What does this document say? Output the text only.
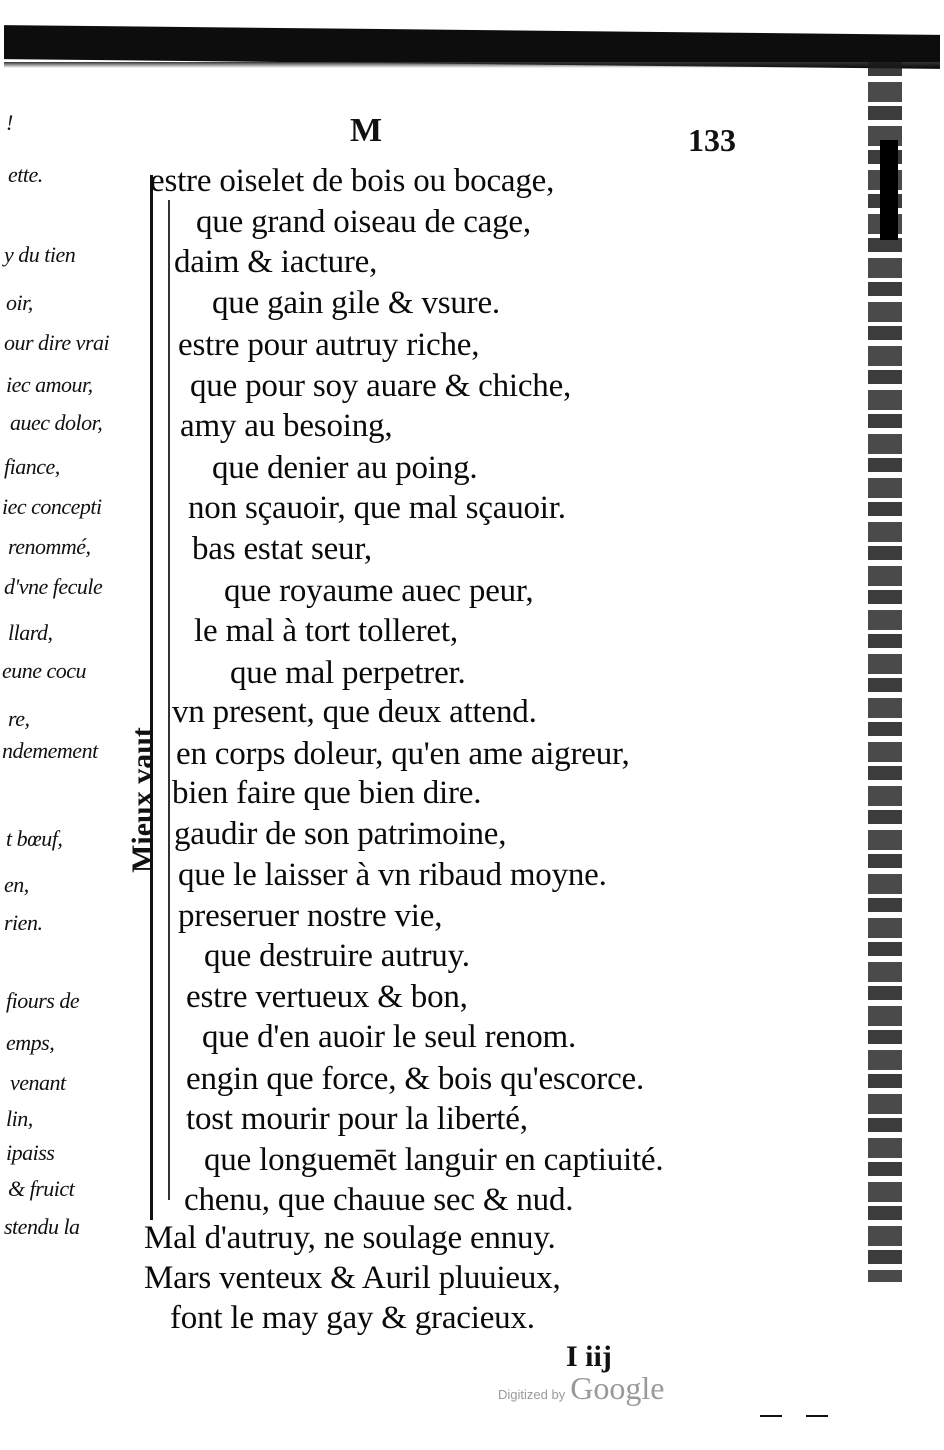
!
ette.
y du tien
oir,
our dire vrai
iec amour,
auec dolor,
fiance,
iec concepti
renommé,
d'vne fecule
llard,
eune cocu
re,
ndemement
t bœuf,
en,
rien.
fiours de
emps,
venant
lin,
ipaiss
& fruict
stendu la
M	133
Mieux vaut
estre oiselet de bois ou bocage,
que grand oiseau de cage,
daim & iacture,
que gain gile & vsure.
estre pour autruy riche,
que pour soy auare & chiche,
amy au besoing,
que denier au poing.
non sçauoir, que mal sçauoir.
bas estat seur,
que royaume auec peur,
le mal à tort tolleret,
que mal perpetrer.
vn present, que deux attend.
en corps doleur, qu'en ame aigreur,
bien faire que bien dire.
gaudir de son patrimoine,
que le laisser à vn ribaud moyne.
preseruer nostre vie,
que destruire autruy.
estre vertueux & bon,
que d'en auoir le seul renom.
engin que force, & bois qu'escorce.
tost mourir pour la liberté,
que longuemēt languir en captiuité.
chenu, que chauue sec & nud.
Mal d'autruy, ne soulage ennuy.
Mars venteux & Auril pluuieux,
font le may gay & gracieux.
I iij
Digitized by Google
